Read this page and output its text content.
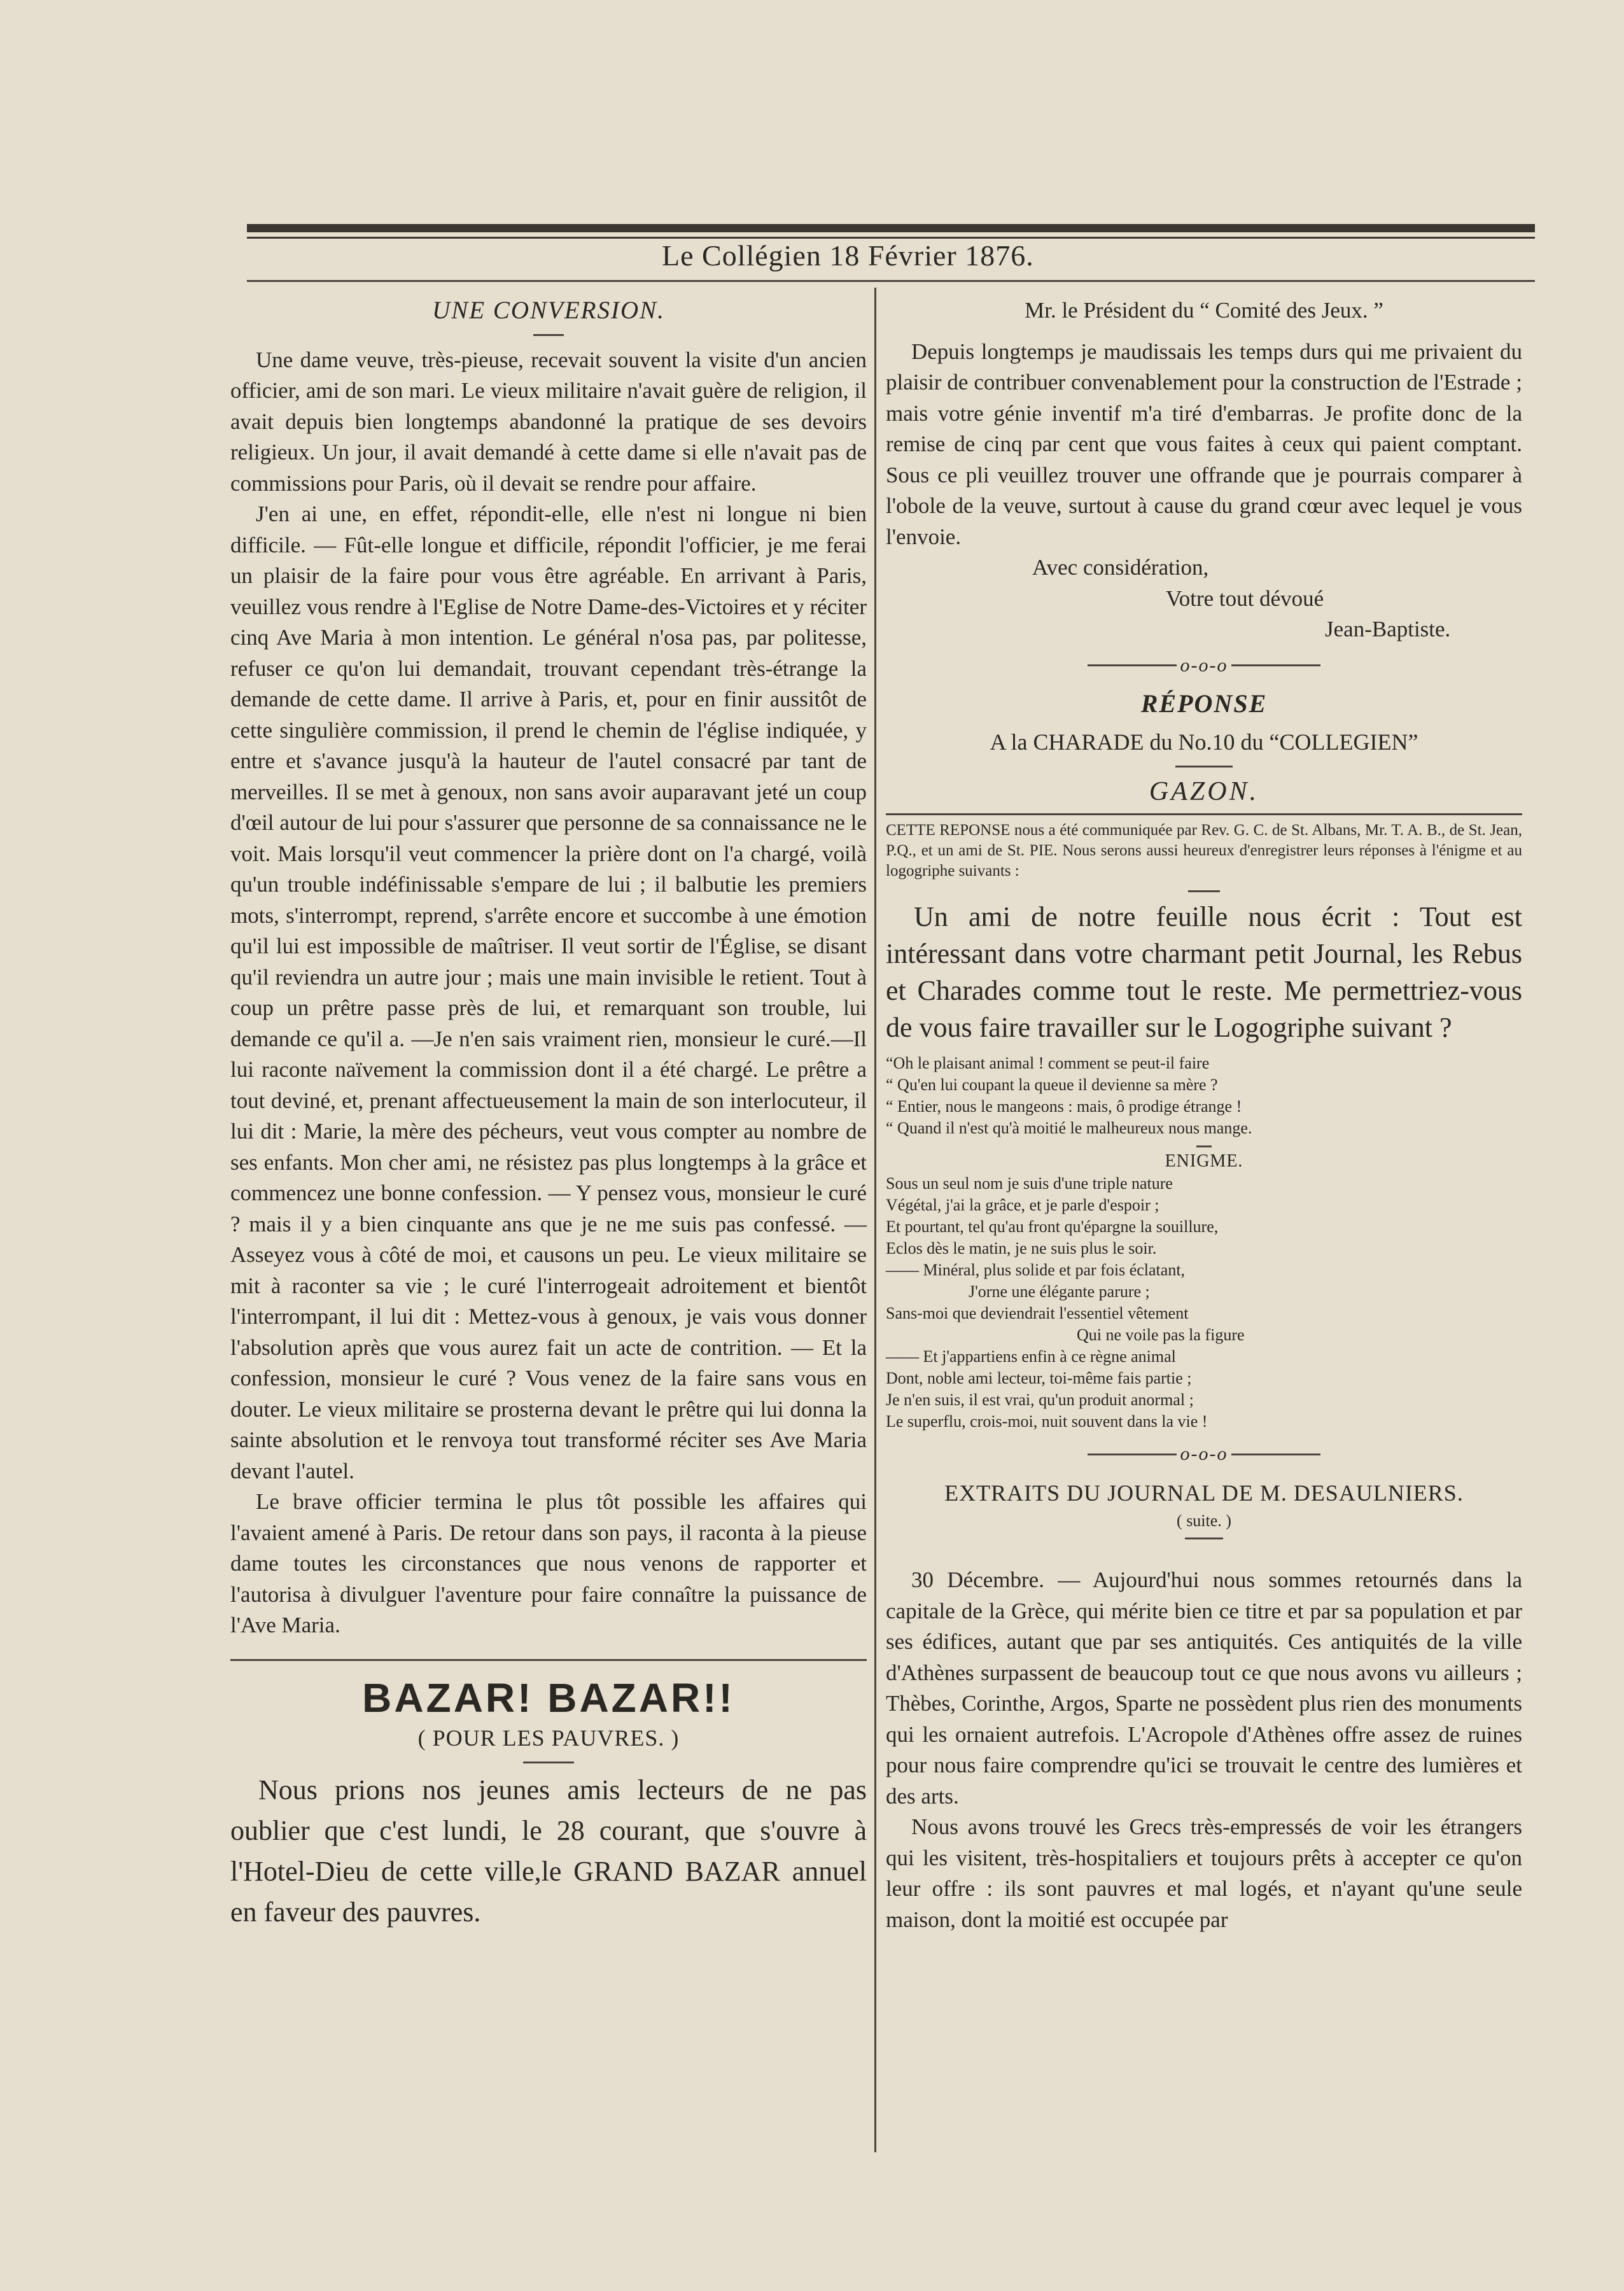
Le Collégien 18 Février 1876.
UNE CONVERSION.

Une dame veuve, très-pieuse, recevait souvent la visite d'un ancien officier, ami de son mari. Le vieux militaire n'avait guère de religion, il avait depuis bien longtemps abandonné la pratique de ses devoirs religieux. Un jour, il avait demandé à cette dame si elle n'avait pas de commissions pour Paris, où il devait se rendre pour affaire.

J'en ai une, en effet, répondit-elle, elle n'est ni longue ni bien difficile. — Fût-elle longue et difficile, répondit l'officier, je me ferai un plaisir de la faire pour vous être agréable. En arrivant à Paris, veuillez vous rendre à l'Eglise de Notre Dame-des-Victoires et y réciter cinq Ave Maria à mon intention. Le général n'osa pas, par politesse, refuser ce qu'on lui demandait, trouvant cependant très-étrange la demande de cette dame. Il arrive à Paris, et, pour en finir aussitôt de cette singulière commission, il prend le chemin de l'église indiquée, y entre et s'avance jusqu'à la hauteur de l'autel consacré par tant de merveilles. Il se met à genoux, non sans avoir auparavant jeté un coup d'œil autour de lui pour s'assurer que personne de sa connaissance ne le voit. Mais lorsqu'il veut commencer la prière dont on l'a chargé, voilà qu'un trouble indéfinissable s'empare de lui ; il balbutie les premiers mots, s'interrompt, reprend, s'arrête encore et succombe à une émotion qu'il lui est impossible de maîtriser. Il veut sortir de l'Église, se disant qu'il reviendra un autre jour ; mais une main invisible le retient. Tout à coup un prêtre passe près de lui, et remarquant son trouble, lui demande ce qu'il a. —Je n'en sais vraiment rien, monsieur le curé.—Il lui raconte naïvement la commission dont il a été chargé. Le prêtre a tout deviné, et, prenant affectueusement la main de son interlocuteur, il lui dit : Marie, la mère des pécheurs, veut vous compter au nombre de ses enfants. Mon cher ami, ne résistez pas plus longtemps à la grâce et commencez une bonne confession. — Y pensez vous, monsieur le curé ? mais il y a bien cinquante ans que je ne me suis pas confessé. — Asseyez vous à côté de moi, et causons un peu. Le vieux militaire se mit à raconter sa vie ; le curé l'interrogeait adroitement et bientôt l'interrompant, il lui dit : Mettez-vous à genoux, je vais vous donner l'absolution après que vous aurez fait un acte de contrition. — Et la confession, monsieur le curé ? Vous venez de la faire sans vous en douter. Le vieux militaire se prosterna devant le prêtre qui lui donna la sainte absolution et le renvoya tout transformé réciter ses Ave Maria devant l'autel.

Le brave officier termina le plus tôt possible les affaires qui l'avaient amené à Paris. De retour dans son pays, il raconta à la pieuse dame toutes les circonstances que nous venons de rapporter et l'autorisa à divulguer l'aventure pour faire connaître la puissance de l'Ave Maria.

BAZAR! BAZAR!!
( POUR LES PAUVRES. )

Nous prions nos jeunes amis lecteurs de ne pas oublier que c'est lundi, le 28 courant, que s'ouvre à l'Hotel-Dieu de cette ville,le GRAND BAZAR annuel en faveur des pauvres.

Mr. le Président du “ Comité des Jeux. ”

Depuis longtemps je maudissais les temps durs qui me privaient du plaisir de contribuer convenablement pour la construction de l'Estrade ; mais votre génie inventif m'a tiré d'embarras. Je profite donc de la remise de cinq par cent que vous faites à ceux qui paient comptant. Sous ce pli veuillez trouver une offrande que je pourrais comparer à l'obole de la veuve, surtout à cause du grand cœur avec lequel je vous l'envoie.

Avec considération,

Votre tout dévoué

Jean-Baptiste.

o-o-o
RÉPONSE
A la CHARADE du No.10 du “COLLEGIEN”
GAZON.

CETTE REPONSE nous a été communiquée par Rev. G. C. de St. Albans, Mr. T. A. B., de St. Jean, P.Q., et un ami de St. PIE. Nous serons aussi heureux d'enregistrer leurs réponses à l'énigme et au logogriphe suivants :

Un ami de notre feuille nous écrit : Tout est intéressant dans votre charmant petit Journal, les Rebus et Charades comme tout le reste. Me permettriez-vous de vous faire travailler sur le Logogriphe suivant ?

“Oh le plaisant animal ! comment se peut-il faire

“ Qu'en lui coupant la queue il devienne sa mère ?

“ Entier, nous le mangeons : mais, ô prodige étrange !

“ Quand il n'est qu'à moitié le malheureux nous mange.

ENIGME.

Sous un seul nom je suis d'une triple nature

Végétal, j'ai la grâce, et je parle d'espoir ;

Et pourtant, tel qu'au front qu'épargne la souillure,

Eclos dès le matin, je ne suis plus le soir.

—— Minéral, plus solide et par fois éclatant,

J'orne une élégante parure ;

Sans-moi que deviendrait l'essentiel vêtement

Qui ne voile pas la figure

—— Et j'appartiens enfin à ce règne animal

Dont, noble ami lecteur, toi-même fais partie ;

Je n'en suis, il est vrai, qu'un produit anormal ;

Le superflu, crois-moi, nuit souvent dans la vie !

o-o-o
EXTRAITS DU JOURNAL DE M. DESAULNIERS.
( suite. )

30 Décembre. — Aujourd'hui nous sommes retournés dans la capitale de la Grèce, qui mérite bien ce titre et par sa population et par ses édifices, autant que par ses antiquités. Ces antiquités de la ville d'Athènes surpassent de beaucoup tout ce que nous avons vu ailleurs ; Thèbes, Corinthe, Argos, Sparte ne possèdent plus rien des monuments qui les ornaient autrefois. L'Acropole d'Athènes offre assez de ruines pour nous faire comprendre qu'ici se trouvait le centre des lumières et des arts.

Nous avons trouvé les Grecs très-empressés de voir les étrangers qui les visitent, très-hospitaliers et toujours prêts à accepter ce qu'on leur offre : ils sont pauvres et mal logés, et n'ayant qu'une seule maison, dont la moitié est occupée par
